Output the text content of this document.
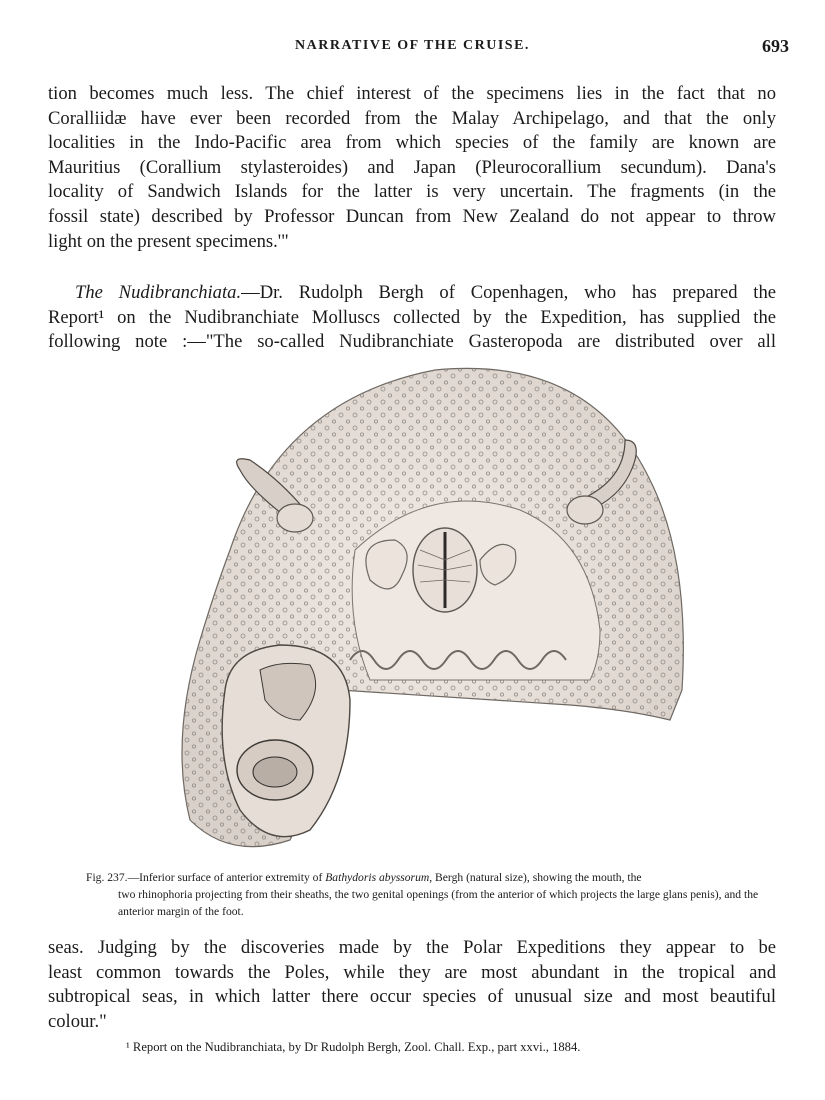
NARRATIVE OF THE CRUISE.	693
tion becomes much less. The chief interest of the specimens lies in the fact that no
Coralliidæ have ever been recorded from the Malay Archipelago, and that the only
localities in the Indo-Pacific area from which species of the family are known are
Mauritius (Corallium stylasteroides) and Japan (Pleurocorallium secundum). Dana's
locality of Sandwich Islands for the latter is very uncertain. The fragments (in the
fossil state) described by Professor Duncan from New Zealand do not appear to throw
light on the present specimens.'"
The Nudibranchiata.—Dr. Rudolph Bergh of Copenhagen, who has prepared the
Report¹ on the Nudibranchiate Molluscs collected by the Expedition, has supplied the
following note :—"The so-called Nudibranchiate Gasteropoda are distributed over all
Fig. 237.—Inferior surface of anterior extremity of Bathydoris abyssorum, Bergh (natural size), showing the mouth, the
two rhinophoria projecting from their sheaths, the two genital openings (from the anterior of which projects the large glans penis), and the anterior margin of the foot.
seas. Judging by the discoveries made by the Polar Expeditions they appear to be
least common towards the Poles, while they are most abundant in the tropical and
subtropical seas, in which latter there occur species of unusual size and most beautiful
colour."
¹ Report on the Nudibranchiata, by Dr Rudolph Bergh, Zool. Chall. Exp., part xxvi., 1884.
